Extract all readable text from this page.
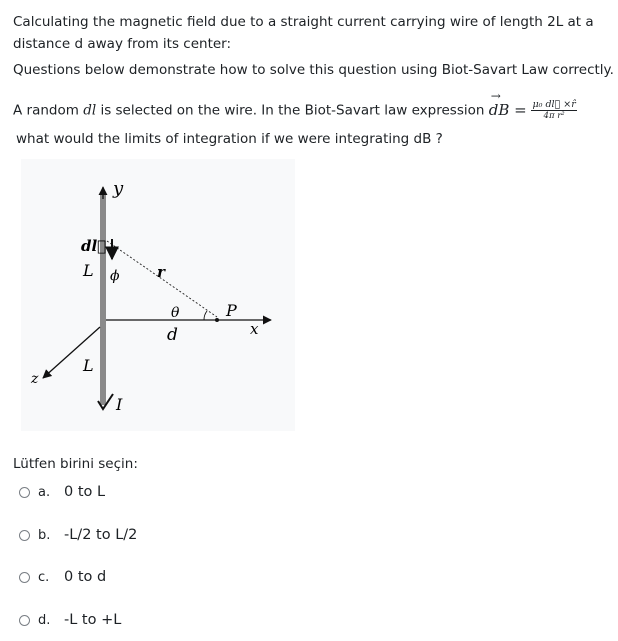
Calculating the magnetic field due to a straight current carrying wire of length 2L at a distance d away from its center:
Questions below demonstrate how to solve this question using Biot-Savart Law correctly.
A random dl is selected on the wire. In the Biot-Savart law expression
→
dB = $\frac{\text{μ₀ dl⃗ ×r̂}}{\text{4π r²}}$
what would the limits of integration if we were integrating dB ?
y
dl⃗
L ϕ r
θ	P
d	x
z
L
I
Lütfen birini seçin:
a. 0 to L
b. -L/2 to L/2
c.	0 to d
d. -L to +L
